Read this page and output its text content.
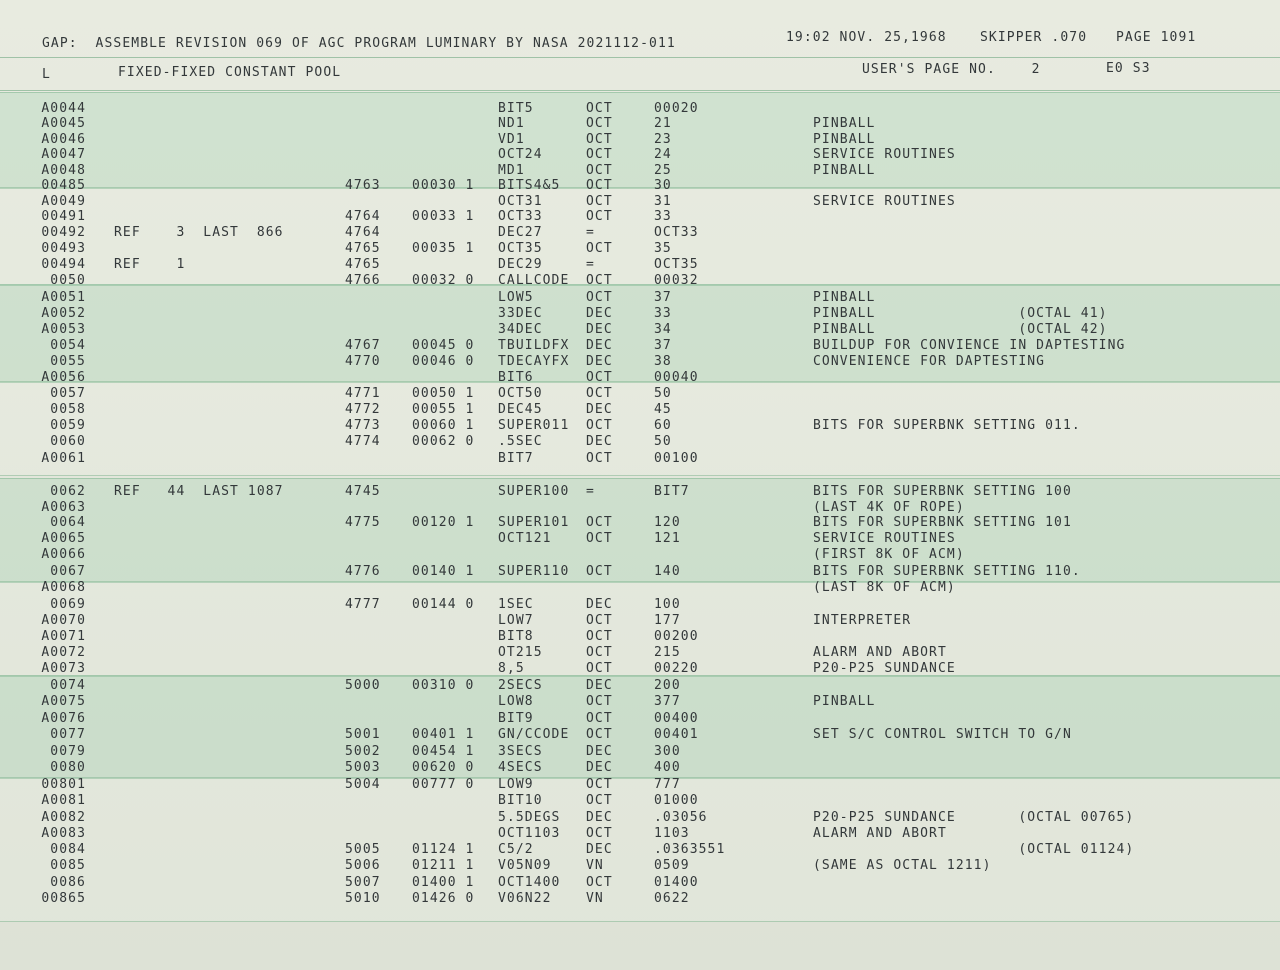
GAP:  ASSEMBLE REVISION 069 OF AGC PROGRAM LUMINARY BY NASA 2021112-011	19:02 NOV. 25,1968	SKIPPER .070 PAGE 1091
L	FIXED-FIXED CONSTANT POOL	USER'S PAGE NO.    2	E0 S3
A0044	BIT5	OCT	00020
A0045	ND1	OCT	21	PINBALL
A0046	VD1	OCT	23	PINBALL
A0047	OCT24	OCT	24	SERVICE ROUTINES
A0048	MD1	OCT	25	PINBALL
00485	4763 00030 1 BITS4&5 OCT	30
A0049	OCT31	OCT	31	SERVICE ROUTINES
00491	4764 00033 1 OCT33	OCT	33
00492 REF    3  LAST  866	4764	DEC27	=	OCT33
00493	4765 00035 1 OCT35	OCT	35
00494 REF    1	4765	DEC29	=	OCT35
0050	4766 00032 0 CALLCODE OCT	00032
A0051	LOW5	OCT	37	PINBALL
A0052	33DEC	DEC	33	PINBALL                (OCTAL 41)
A0053	34DEC	DEC	34	PINBALL                (OCTAL 42)
0054	4767 00045 0 TBUILDFX DEC	37	BUILDUP FOR CONVIENCE IN DAPTESTING
0055	4770 00046 0 TDECAYFX DEC	38	CONVENIENCE FOR DAPTESTING
A0056	BIT6	OCT	00040
0057	4771 00050 1 OCT50	OCT	50
0058	4772 00055 1 DEC45	DEC	45
0059	4773 00060 1 SUPER011 OCT	60	BITS FOR SUPERBNK SETTING 011.
0060	4774 00062 0 .5SEC	DEC	50
A0061	BIT7	OCT	00100
0062 REF   44  LAST 1087	4745	SUPER100 =	BIT7	BITS FOR SUPERBNK SETTING 100
A0063	(LAST 4K OF ROPE)
0064	4775 00120 1 SUPER101 OCT	120	BITS FOR SUPERBNK SETTING 101
A0065	OCT121	OCT	121	SERVICE ROUTINES
A0066	(FIRST 8K OF ACM)
0067	4776 00140 1 SUPER110 OCT	140	BITS FOR SUPERBNK SETTING 110.
A0068	(LAST 8K OF ACM)
0069	4777 00144 0 1SEC	DEC	100
A0070	LOW7	OCT	177	INTERPRETER
A0071	BIT8	OCT	00200
A0072	OT215	OCT	215	ALARM AND ABORT
A0073	8,5	OCT	00220	P20-P25 SUNDANCE
0074	5000 00310 0 2SECS	DEC	200
A0075	LOW8	OCT	377	PINBALL
A0076	BIT9	OCT	00400
0077	5001 00401 1 GN/CCODE OCT	00401	SET S/C CONTROL SWITCH TO G/N
0079	5002 00454 1 3SECS	DEC	300
0080	5003 00620 0 4SECS	DEC	400
00801	5004 00777 0 LOW9	OCT	777
A0081	BIT10	OCT	01000
A0082	5.5DEGS DEC	.03056	P20-P25 SUNDANCE       (OCTAL 00765)
A0083	OCT1103 OCT	1103	ALARM AND ABORT
0084	5005 01124 1 C5/2	DEC	.0363551	(OCTAL 01124)
0085	5006 01211 1 V05N09	VN	0509	(SAME AS OCTAL 1211)
0086	5007 01400 1 OCT1400 OCT	01400
00865	5010 01426 0 V06N22	VN	0622
